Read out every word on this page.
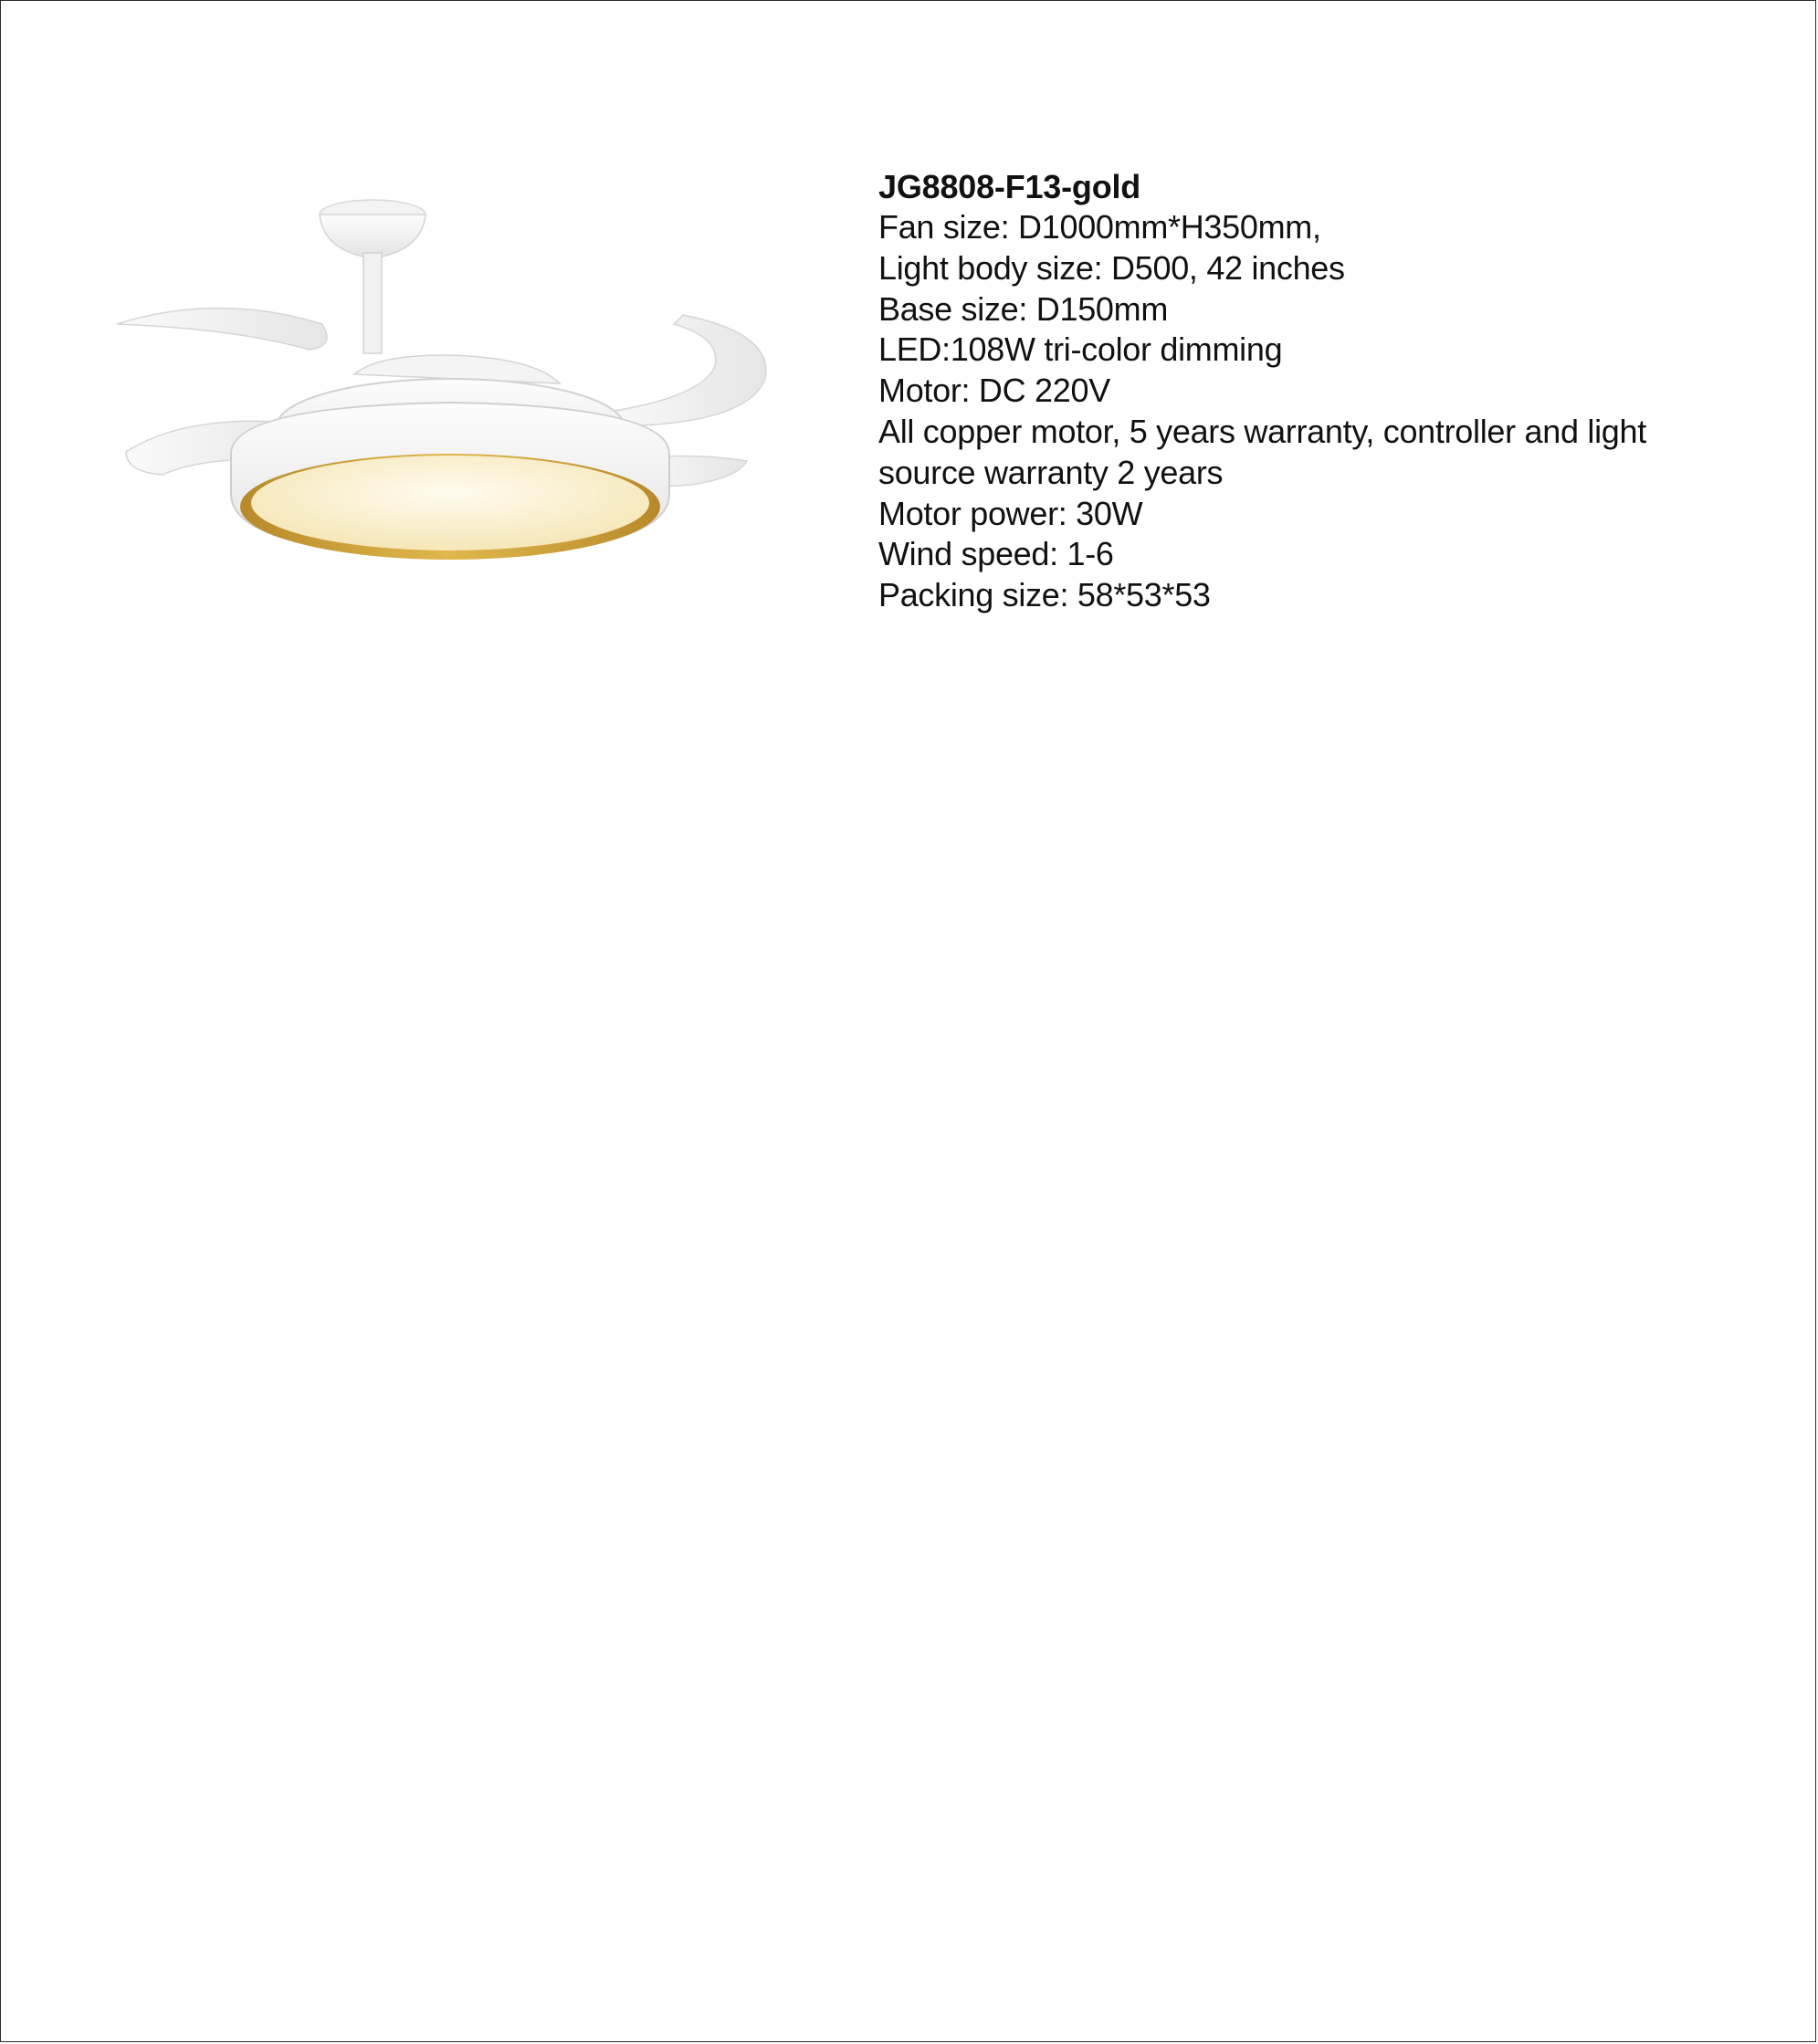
JG8808-F13-gold
Fan size: D1000mm*H350mm,
Light body size: D500, 42 inches
Base size: D150mm
LED:108W tri-color dimming
Motor: DC 220V
All copper motor, 5 years warranty, controller and light
source warranty 2 years
Motor power: 30W
Wind speed: 1-6
Packing size: 58*53*53
